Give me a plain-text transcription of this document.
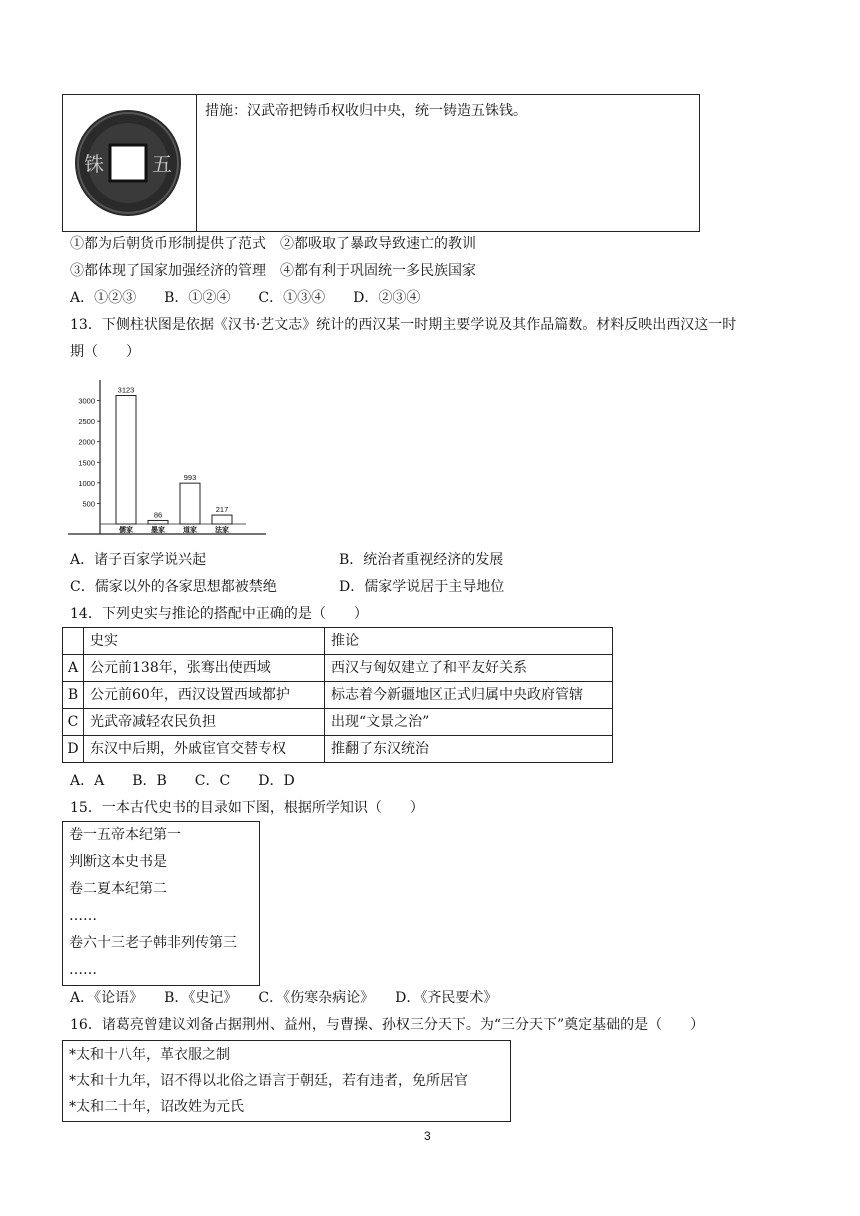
铢 五
措施：汉武帝把铸币权收归中央，统一铸造五铢钱。
①都为后朝货币形制提供了范式　②都吸取了暴政导致速亡的教训
③都体现了国家加强经济的管理　④都有利于巩固统一多民族国家
A．①②③　　B．①②④　　C．①③④　　D．②③④
13．下侧柱状图是依据《汉书·艺文志》统计的西汉某一时期主要学说及其作品篇数。材料反映出西汉这一时
期（　　）
500
1000
1500
2000
2500
3000
3123
儒家
86
墨家
993
道家
217
法家
A．诸子百家学说兴起	B．统治者重视经济的发展
C．儒家以外的各家思想都被禁绝	D．儒家学说居于主导地位
14．下列史实与推论的搭配中正确的是（　　）
	史实	推论
A	公元前138年，张骞出使西域	西汉与匈奴建立了和平友好关系
B	公元前60年，西汉设置西域都护	标志着今新疆地区正式归属中央政府管辖
C	光武帝减轻农民负担	出现“文景之治”
D	东汉中后期，外戚宦官交替专权	推翻了东汉统治
A．A　　B．B　　C．C　　D．D
15．一本古代史书的目录如下图，根据所学知识（　　）
卷一五帝本纪第一
判断这本史书是
卷二夏本纪第二
……
卷六十三老子韩非列传第三
……
A．《论语》　　B．《史记》　　C．《伤寒杂病论》　　D．《齐民要术》
16．诸葛亮曾建议刘备占据荆州、益州，与曹操、孙权三分天下。为“三分天下”奠定基础的是（　　）
*太和十八年，革衣服之制
*太和十九年，诏不得以北俗之语言于朝廷，若有违者，免所居官
*太和二十年，诏改姓为元氏
3
